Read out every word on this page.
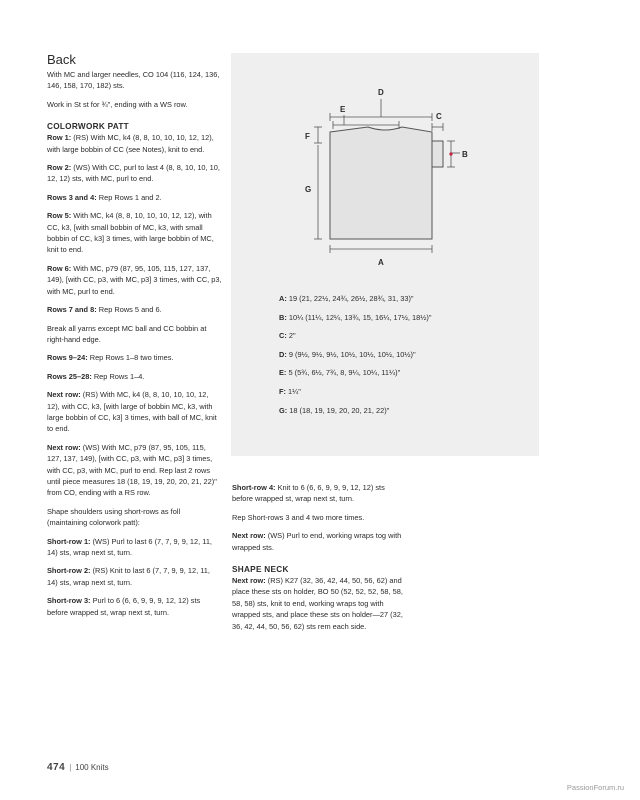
Back

With MC and larger needles, CO 104 (116, 124, 136, 146, 158, 170, 182) sts.

Work in St st for ¾", ending with a WS row.

COLORWORK PATT

Row 1: (RS) With MC, k4 (8, 8, 10, 10, 10, 12, 12), with large bobbin of CC (see Notes), knit to end.

Row 2: (WS) With CC, purl to last 4 (8, 8, 10, 10, 10, 12, 12) sts, with MC, purl to end.

Rows 3 and 4: Rep Rows 1 and 2.

Row 5: With MC, k4 (8, 8, 10, 10, 10, 12, 12), with CC, k3, [with small bobbin of MC, k3, with small bobbin of CC, k3] 3 times, with large bobbin of MC, knit to end.

Row 6: With MC, p79 (87, 95, 105, 115, 127, 137, 149), [with CC, p3, with MC, p3] 3 times, with CC, p3, with MC, purl to end.

Rows 7 and 8: Rep Rows 5 and 6.

Break all yarns except MC ball and CC bobbin at right-hand edge.

Rows 9–24: Rep Rows 1–8 two times.

Rows 25–28: Rep Rows 1–4.

Next row: (RS) With MC, k4 (8, 8, 10, 10, 10, 12, 12), with CC, k3, [with large of bobbin MC, k3, with large bobbin of CC, k3] 3 times, with ball of MC, knit to end.

Next row: (WS) With MC, p79 (87, 95, 105, 115, 127, 137, 149), [with CC, p3, with MC, p3] 3 times, with CC, p3, with MC, purl to end. Rep last 2 rows until piece measures 18 (18, 19, 19, 20, 20, 21, 22)" from CO, ending with a RS row.

Shape shoulders using short-rows as foll (maintaining colorwork patt):

Short-row 1: (WS) Purl to last 6 (7, 7, 9, 9, 12, 11, 14) sts, wrap next st, turn.

Short-row 2: (RS) Knit to last 6 (7, 7, 9, 9, 12, 11, 14) sts, wrap next st, turn.

Short-row 3: Purl to 6 (6, 6, 9, 9, 9, 12, 12) sts before wrapped st, wrap next st, turn.

D
E
C
B
F
G
A

A: 19 (21, 22½, 24¾, 26½, 28¾, 31, 33)"

B: 10¼ (11¼, 12¼, 13¾, 15, 16¼, 17½, 18½)"

C: 2"

D: 9 (9½, 9½, 9½, 10½, 10½, 10½, 10½)"

E: 5 (5¾, 6½, 7¾, 8, 9¼, 10¼, 11¼)"

F: 1¼"

G: 18 (18, 19, 19, 20, 20, 21, 22)"

Short-row 4: Knit to 6 (6, 6, 9, 9, 9, 12, 12) sts before wrapped st, wrap next st, turn.

Rep Short-rows 3 and 4 two more times.

Next row: (WS) Purl to end, working wraps tog with wrapped sts.

SHAPE NECK

Next row: (RS) K27 (32, 36, 42, 44, 50, 56, 62) and place these sts on holder, BO 50 (52, 52, 52, 58, 58, 58, 58) sts, knit to end, working wraps tog with wrapped sts, and place these sts on holder—27 (32, 36, 42, 44, 50, 56, 62) sts rem each side.

474 | 100 Knits
PassionForum.ru
